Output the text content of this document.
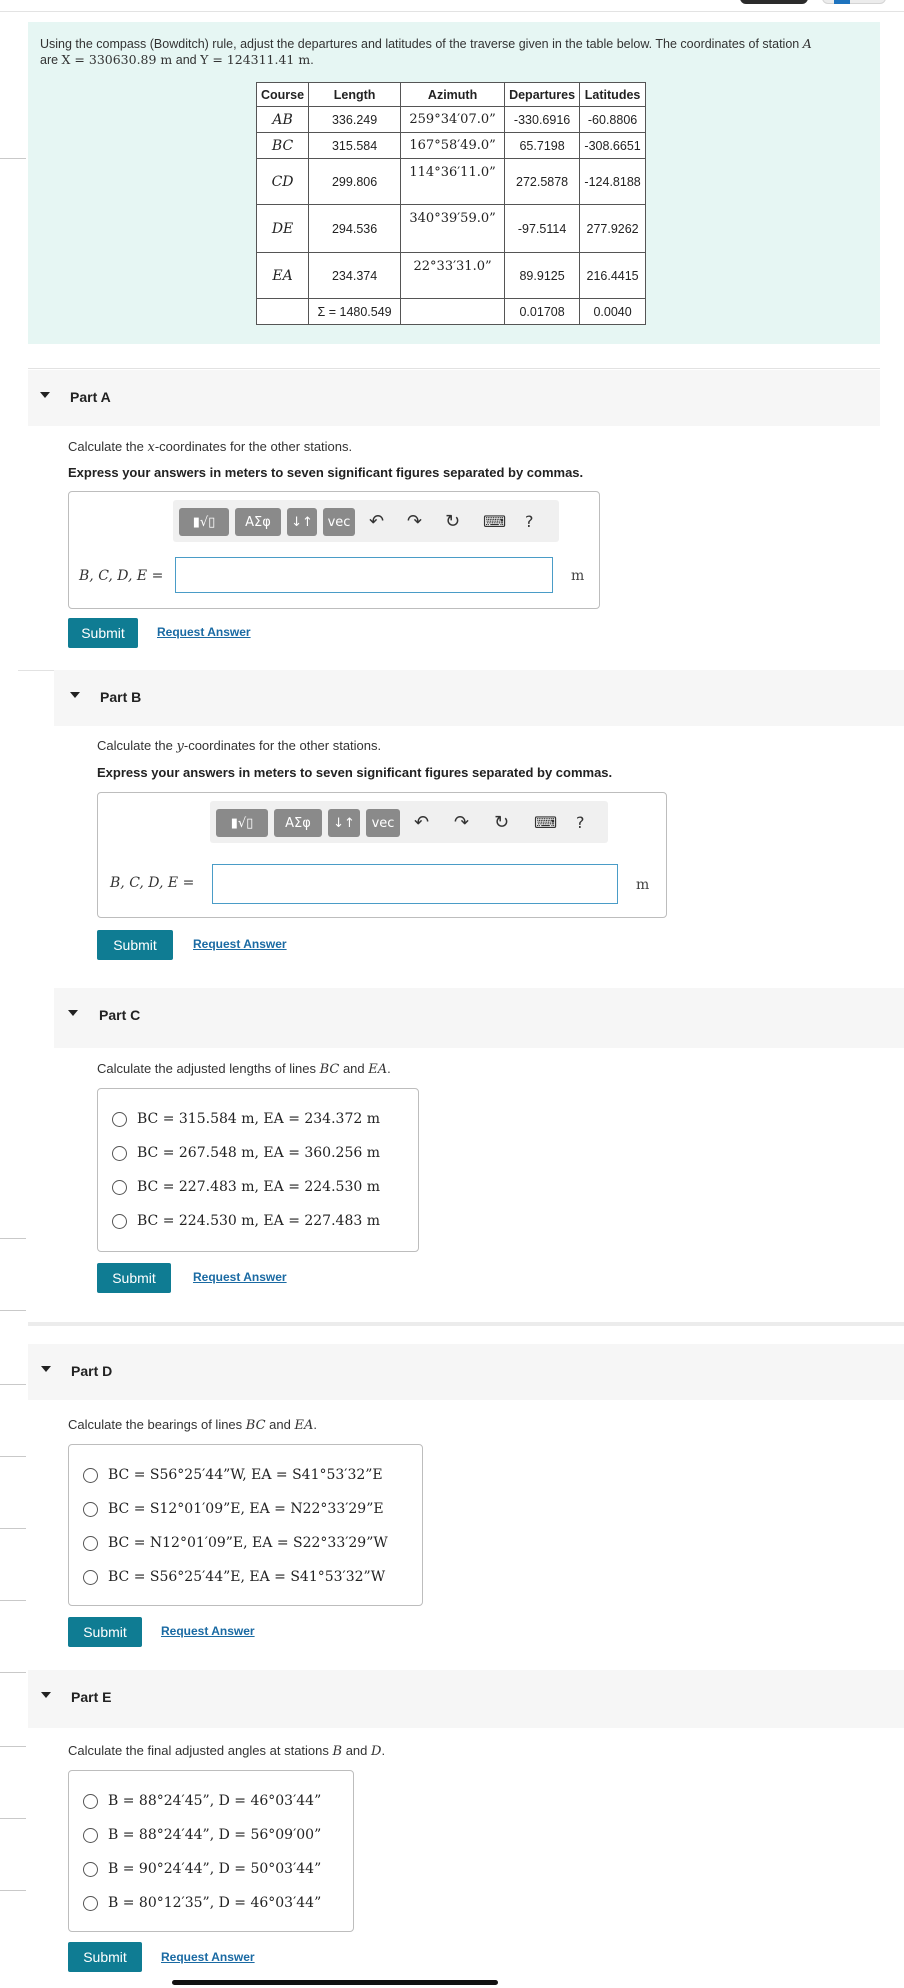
Using the compass (Bowditch) rule, adjust the departures and latitudes of the traverse given in the table below. The coordinates of station A
are X = 330630.89 m and Y = 124311.41 m.
Course	Length	Azimuth	Departures	Latitudes
AB	336.249	259°34′07.0”	-330.6916	-60.8806
BC	315.584	167°58′49.0”	65.7198	-308.6651
CD	299.806	114°36′11.0”	272.5878	-124.8188
DE	294.536	340°39′59.0”	-97.5114	277.9262
EA	234.374	22°33′31.0”	89.9125	216.4415
	Σ = 1480.549		0.01708	0.0040
Part A
Calculate the x-coordinates for the other stations.
Express your answers in meters to seven significant figures separated by commas.
▮√▯	AΣφ	↓↑	vec ↶ ↷ ↻ ⌨ ?
B, C, D, E =	m
Submit	Request Answer
Part B
Calculate the y-coordinates for the other stations.
Express your answers in meters to seven significant figures separated by commas.
▮√▯	AΣφ	↓↑	vec	↶ ↷ ↻ ⌨ ?
B, C, D, E =	m
Submit	Request Answer
Part C
Calculate the adjusted lengths of lines BC and EA.
BC = 315.584 m, EA = 234.372 m
BC = 267.548 m, EA = 360.256 m
BC = 227.483 m, EA = 224.530 m
BC = 224.530 m, EA = 227.483 m
Submit	Request Answer
Part D
Calculate the bearings of lines BC and EA.
BC = S56°25′44”W, EA = S41°53′32”E
BC = S12°01′09”E, EA = N22°33′29”E
BC = N12°01′09”E, EA = S22°33′29”W
BC = S56°25′44”E, EA = S41°53′32”W
Submit	Request Answer
Part E
Calculate the final adjusted angles at stations B and D.
B = 88°24′45”, D = 46°03′44”
B = 88°24′44”, D = 56°09′00”
B = 90°24′44”, D = 50°03′44”
B = 80°12′35”, D = 46°03′44”
Submit	Request Answer
